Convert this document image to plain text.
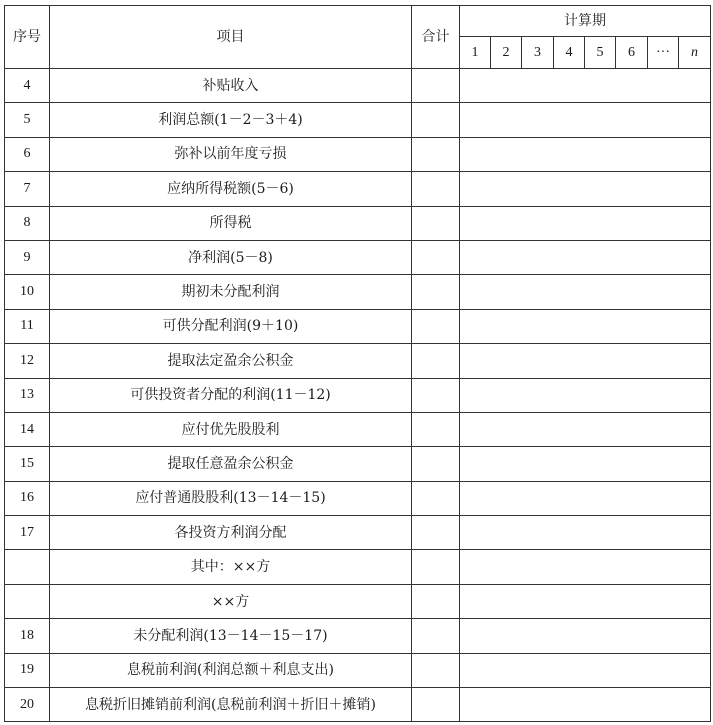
序号	项目	合计	计算期							
			1	2	3	4	5	6	···	n
4	补贴收入									
5	利润总额(1－2－3＋4)									
6	弥补以前年度亏损									
7	应纳所得税额(5－6)									
8	所得税									
9	净利润(5－8)									
10	期初未分配利润									
11	可供分配利润(9＋10)									
12	提取法定盈余公积金									
13	可供投资者分配的利润(11－12)									
14	应付优先股股利									
15	提取任意盈余公积金									
16	应付普通股股利(13－14－15)									
17	各投资方利润分配									
	其中：××方									
	××方									
18	未分配利润(13－14－15－17)									
19	息税前利润(利润总额＋利息支出)									
20	息税折旧摊销前利润(息税前利润＋折旧＋摊销)									
